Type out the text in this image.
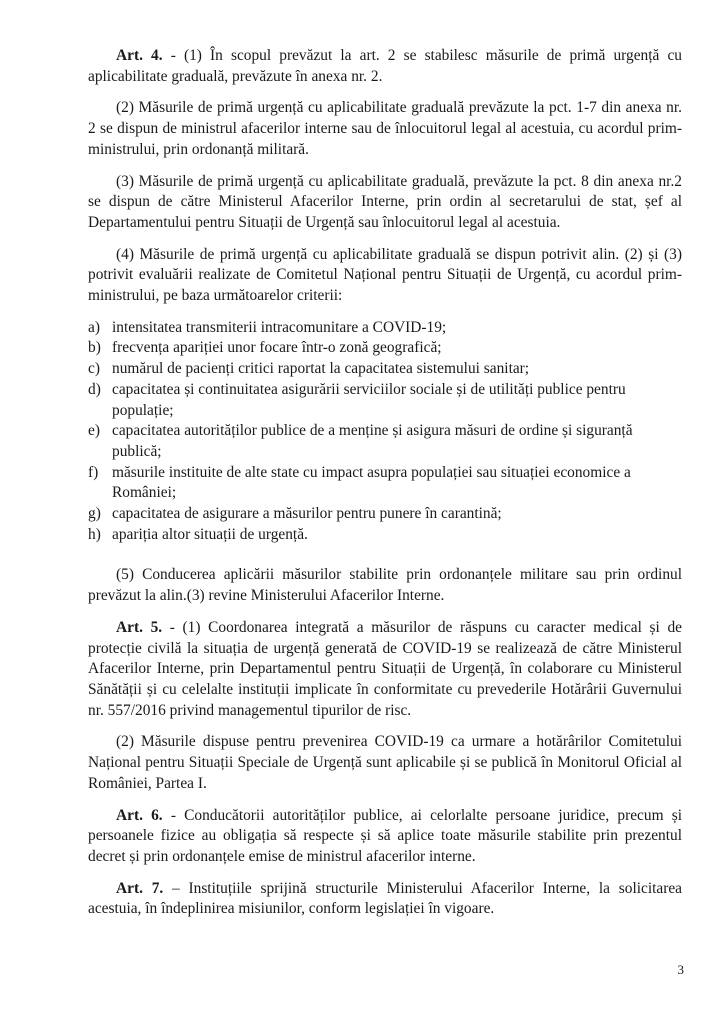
Art. 4. - (1) În scopul prevăzut la art. 2 se stabilesc măsurile de primă urgență cu aplicabilitate graduală, prevăzute în anexa nr. 2.

(2) Măsurile de primă urgență cu aplicabilitate graduală prevăzute la pct. 1-7 din anexa nr. 2 se dispun de ministrul afacerilor interne sau de înlocuitorul legal al acestuia, cu acordul prim-ministrului, prin ordonanță militară.

(3) Măsurile de primă urgență cu aplicabilitate graduală, prevăzute la pct. 8 din anexa nr.2 se dispun de către Ministerul Afacerilor Interne, prin ordin al secretarului de stat, șef al Departamentului pentru Situații de Urgență sau înlocuitorul legal al acestuia.

(4) Măsurile de primă urgență cu aplicabilitate graduală se dispun potrivit alin. (2) și (3) potrivit evaluării realizate de Comitetul Național pentru Situații de Urgență, cu acordul prim-ministrului, pe baza următoarelor criterii:

a) intensitatea transmiterii intracomunitare a COVID-19;
b) frecvența apariției unor focare într-o zonă geografică;
c) numărul de pacienți critici raportat la capacitatea sistemului sanitar;
d) capacitatea și continuitatea asigurării serviciilor sociale și de utilități publice pentru populație;
e) capacitatea autorităților publice de a menține și asigura măsuri de ordine și siguranță publică;
f) măsurile instituite de alte state cu impact asupra populației sau situației economice a României;
g) capacitatea de asigurare a măsurilor pentru punere în carantină;
h) apariția altor situații de urgență.

(5) Conducerea aplicării măsurilor stabilite prin ordonanțele militare sau prin ordinul prevăzut la alin.(3) revine Ministerului Afacerilor Interne.

Art. 5. - (1) Coordonarea integrată a măsurilor de răspuns cu caracter medical și de protecție civilă la situația de urgență generată de COVID-19 se realizează de către Ministerul Afacerilor Interne, prin Departamentul pentru Situații de Urgență, în colaborare cu Ministerul Sănătății și cu celelalte instituții implicate în conformitate cu prevederile Hotărârii Guvernului nr. 557/2016 privind managementul tipurilor de risc.

(2) Măsurile dispuse pentru prevenirea COVID-19 ca urmare a hotărârilor Comitetului Național pentru Situații Speciale de Urgență sunt aplicabile și se publică în Monitorul Oficial al României, Partea I.

Art. 6. - Conducătorii autorităților publice, ai celorlalte persoane juridice, precum și persoanele fizice au obligația să respecte și să aplice toate măsurile stabilite prin prezentul decret și prin ordonanțele emise de ministrul afacerilor interne.

Art. 7. – Instituțiile sprijină structurile Ministerului Afacerilor Interne, la solicitarea acestuia, în îndeplinirea misiunilor, conform legislației în vigoare.

3
